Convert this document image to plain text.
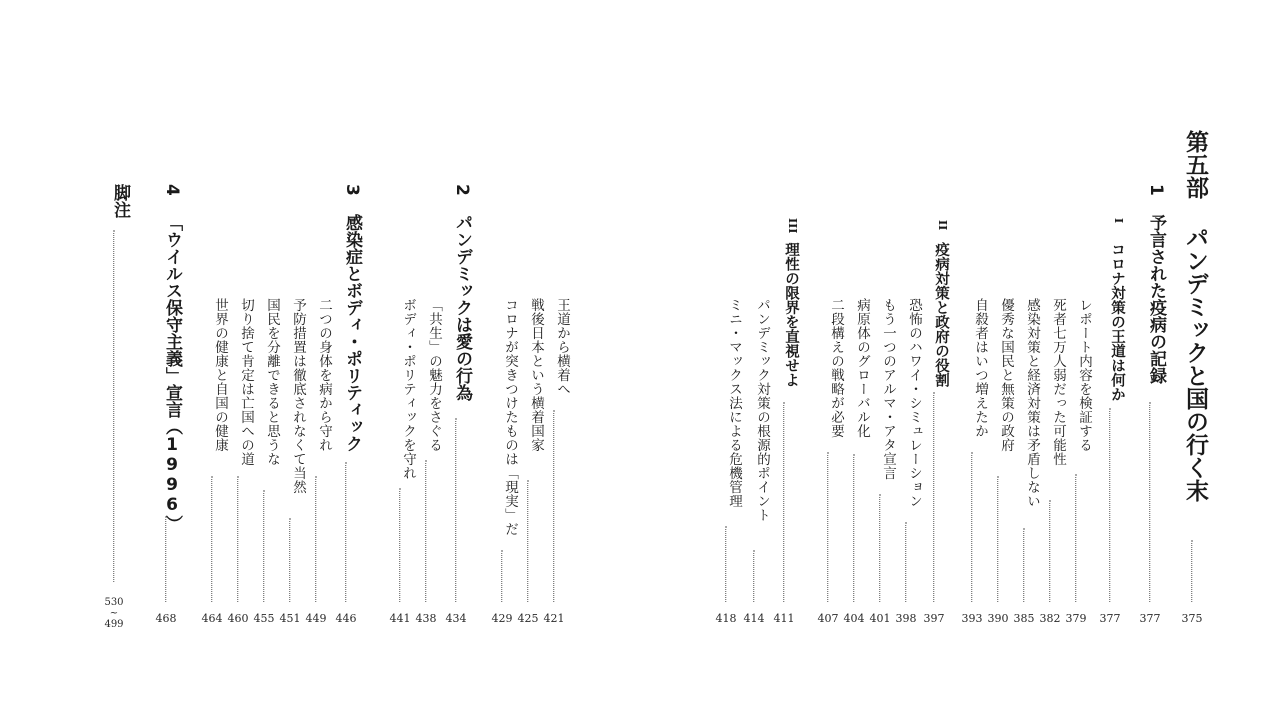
第五部
パンデミックと国の行く末
375
1
予言された疫病の記録
377
I
コロナ対策の王道は何か
377
レポート内容を検証する
379
死者七万人弱だった可能性
382
感染対策と経済対策は矛盾しない
385
優秀な国民と無策の政府
390
自殺者はいつ増えたか
393
II
疫病対策と政府の役割
397
恐怖のハワイ・シミュレーション
398
もう一つのアルマ・アタ宣言
401
病原体のグローバル化
404
二段構えの戦略が必要
407
III
理性の限界を直視せよ
411
パンデミック対策の根源的ポイント
414
ミニ・マックス法による危機管理
418
王道から横着へ
421
戦後日本という横着国家
425
コロナが突きつけたものは「現実」だ
429
2
パンデミックは愛の行為
434
「共生」の魅力をさぐる
438
ボディ・ポリティックを守れ
441
3
感染症とボディ・ポリティック
446
二つの身体を病から守れ
449
予防措置は徹底されなくて当然
451
国民を分離できると思うな
455
切り捨て肯定は亡国への道
460
世界の健康と自国の健康
464
4
「ウイルス保守主義」宣言（1996）
468
脚注
530
~
499
